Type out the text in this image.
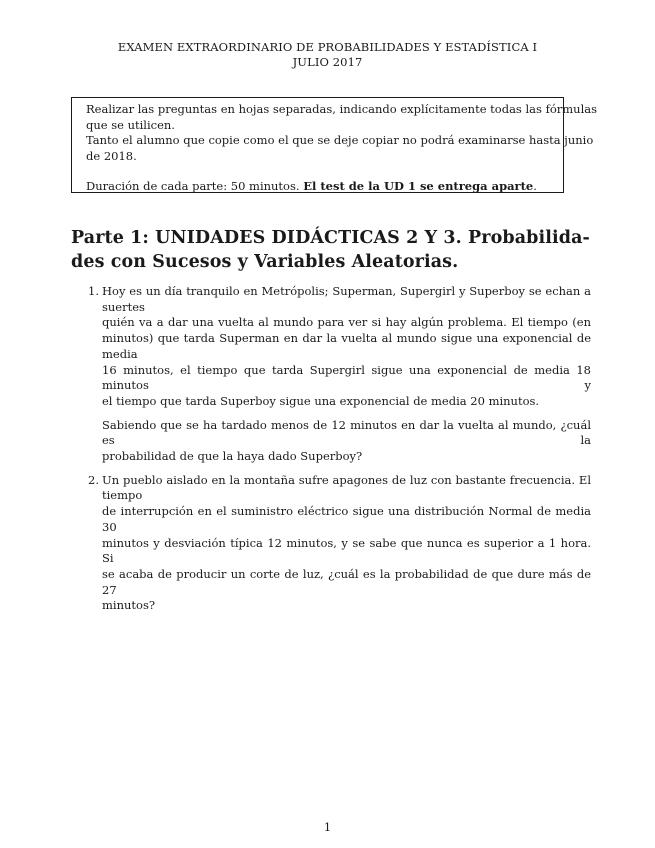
EXAMEN EXTRAORDINARIO DE PROBABILIDADES Y ESTADÍSTICA I
JULIO 2017
Realizar las preguntas en hojas separadas, indicando explícitamente todas las fórmulas
que se utilicen.
Tanto el alumno que copie como el que se deje copiar no podrá examinarse hasta junio
de 2018.
Duración de cada parte: 50 minutos. El test de la UD 1 se entrega aparte.
Parte 1: UNIDADES DIDÁCTICAS 2 Y 3. Probabilida-
des con Sucesos y Variables Aleatorias.
1. Hoy es un día tranquilo en Metrópolis; Superman, Supergirl y Superboy se echan a suertes
quién va a dar una vuelta al mundo para ver si hay algún problema. El tiempo (en
minutos) que tarda Superman en dar la vuelta al mundo sigue una exponencial de media
16 minutos, el tiempo que tarda Supergirl sigue una exponencial de media 18 minutos y
el tiempo que tarda Superboy sigue una exponencial de media 20 minutos.
Sabiendo que se ha tardado menos de 12 minutos en dar la vuelta al mundo, ¿cuál es la
probabilidad de que la haya dado Superboy?
2. Un pueblo aislado en la montaña sufre apagones de luz con bastante frecuencia. El tiempo
de interrupción en el suministro eléctrico sigue una distribución Normal de media 30
minutos y desviación típica 12 minutos, y se sabe que nunca es superior a 1 hora. Si
se acaba de producir un corte de luz, ¿cuál es la probabilidad de que dure más de 27
minutos?
1
